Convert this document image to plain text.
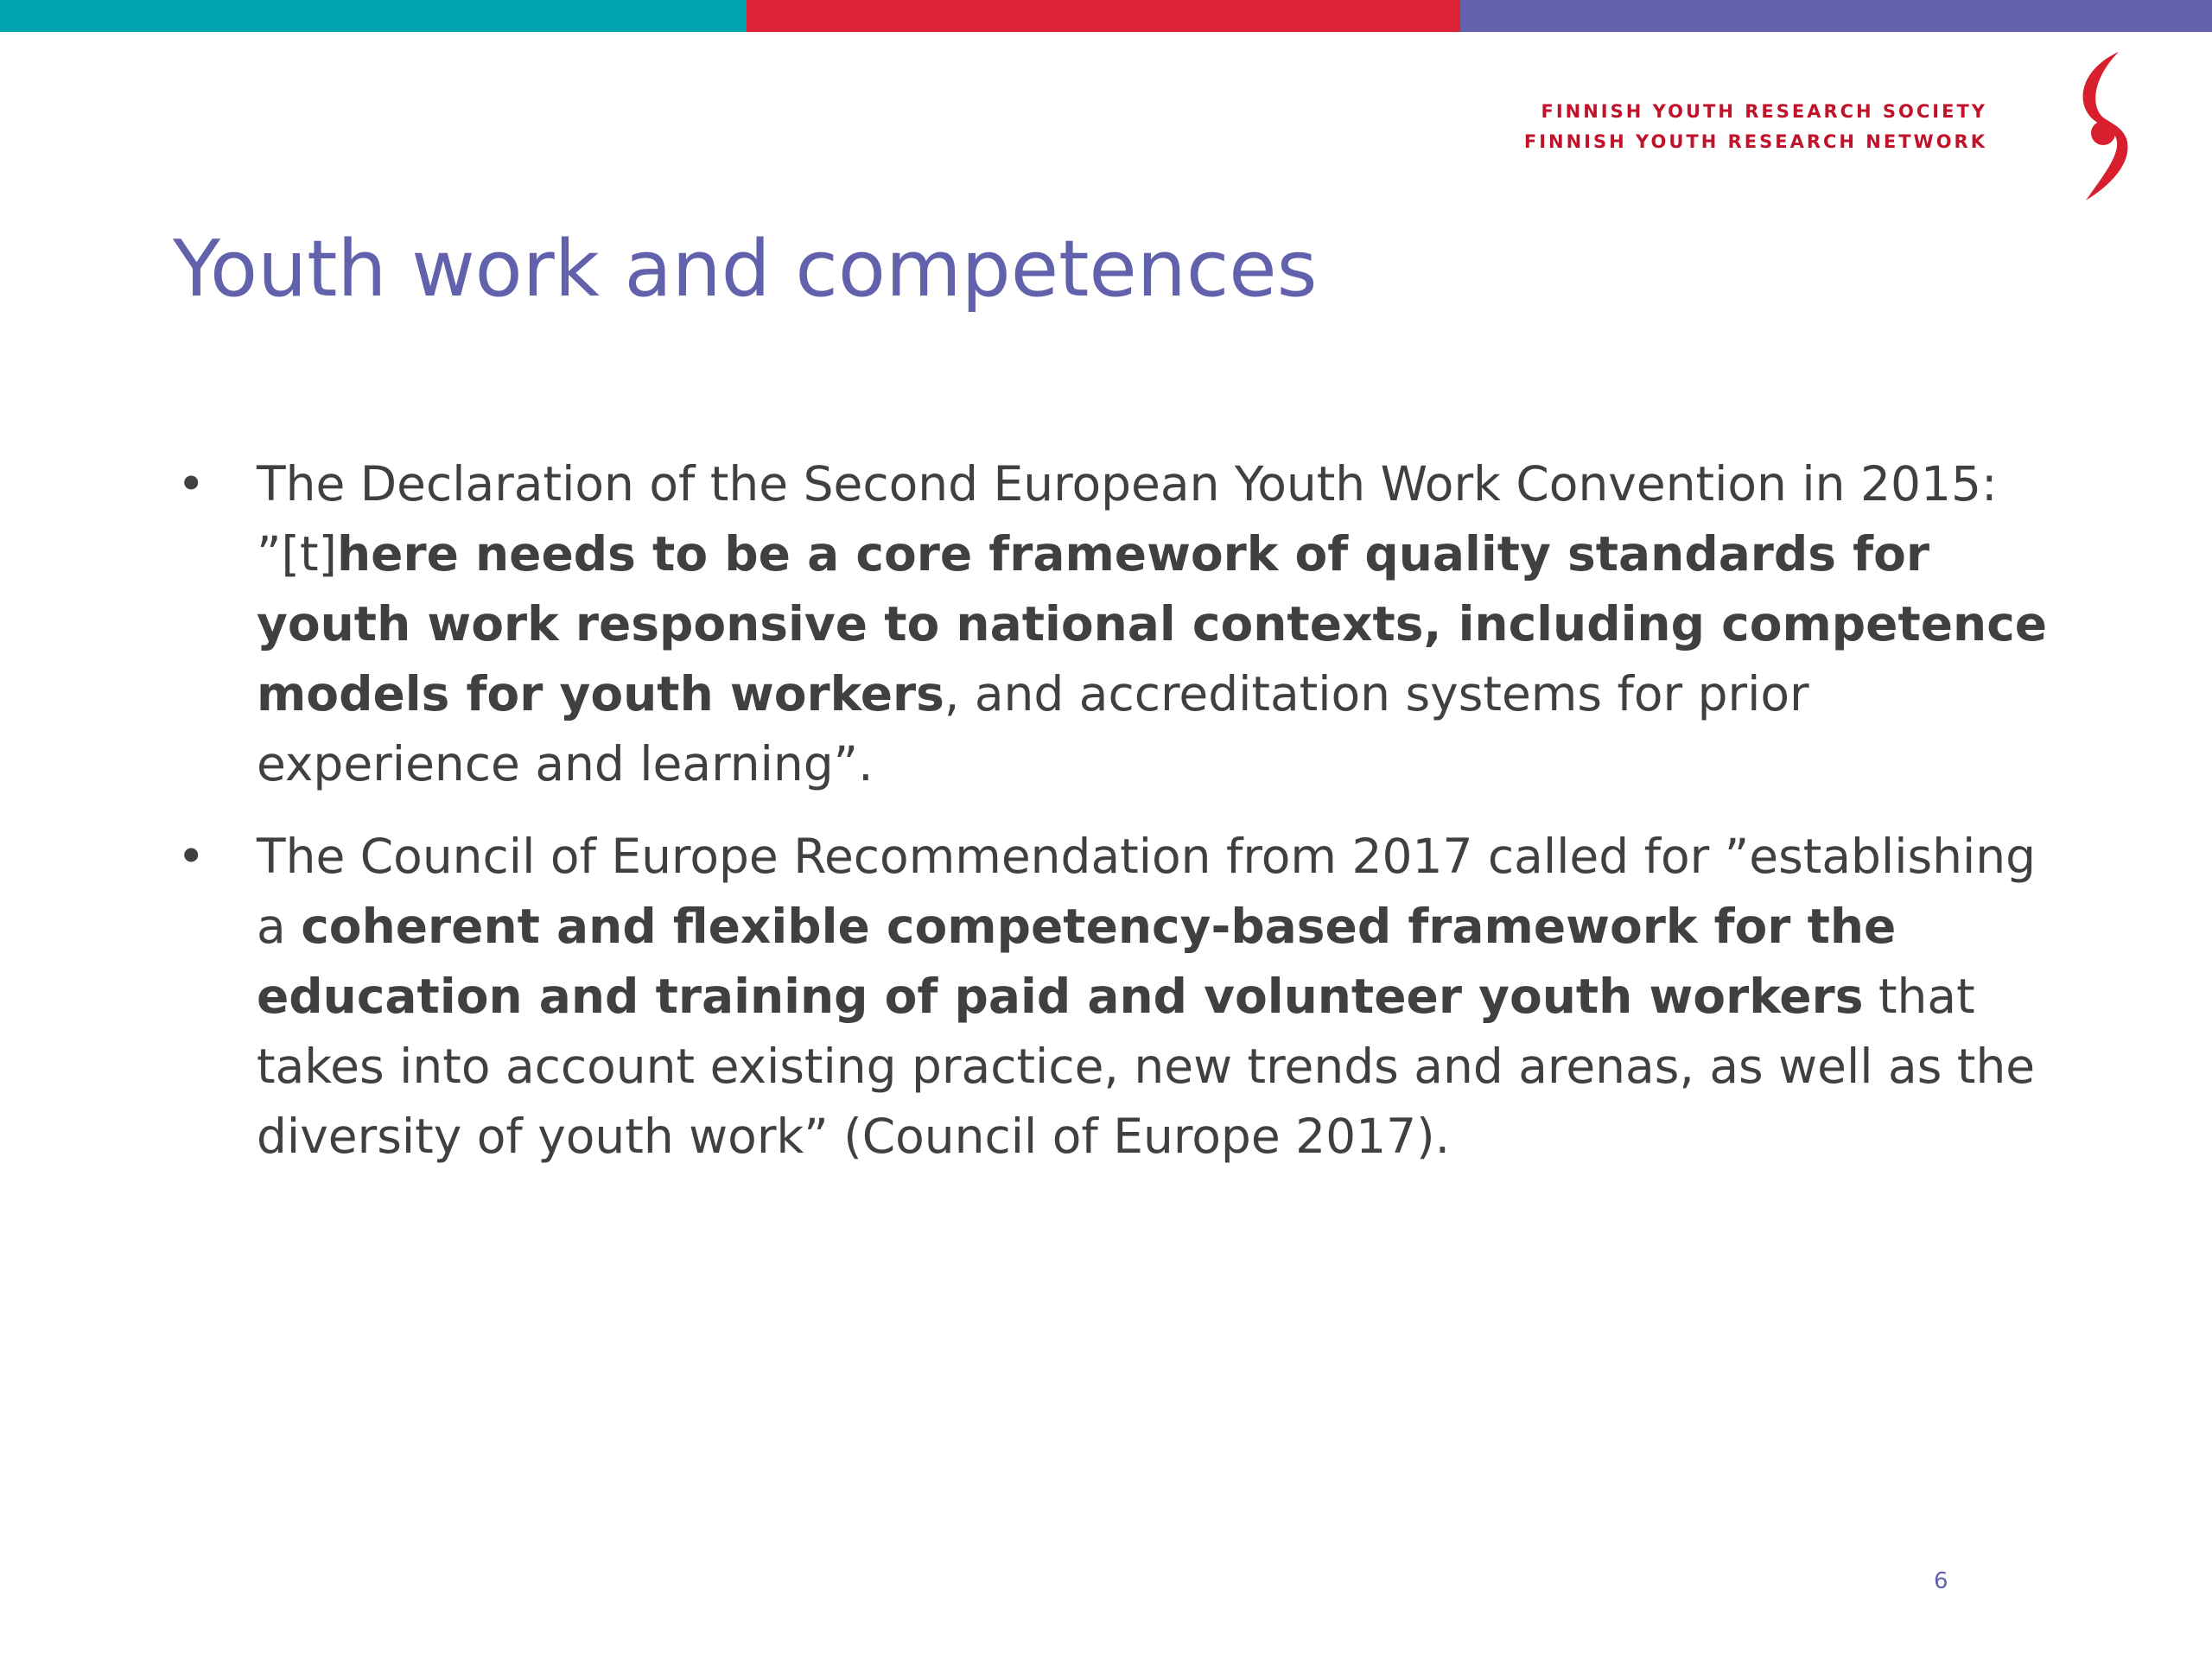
FINNISH YOUTH RESEARCH SOCIETY
FINNISH YOUTH RESEARCH NETWORK
Youth work and competences
• The Declaration of the Second European Youth Work Convention in 2015: ”[t]here needs to be a core framework of quality standards for youth work responsive to national contexts, including competence models for youth workers, and accreditation systems for prior experience and learning”.
• The Council of Europe Recommendation from 2017 called for ”establishing a coherent and flexible competency-based framework for the education and training of paid and volunteer youth workers that takes into account existing practice, new trends and arenas, as well as the diversity of youth work” (Council of Europe 2017).
6
